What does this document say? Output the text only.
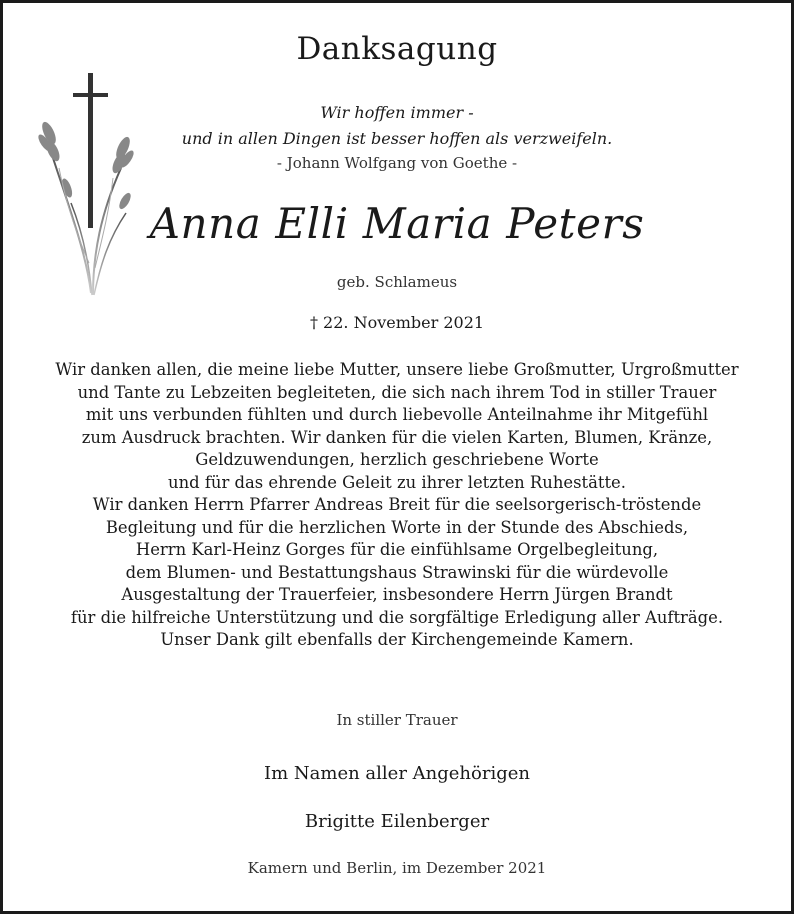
Danksagung
Wir hoffen immer -
und in allen Dingen ist besser hoffen als verzweifeln.
- Johann Wolfgang von Goethe -
Anna Elli Maria Peters
geb. Schlameus
† 22. November 2021
Wir danken allen, die meine liebe Mutter, unsere liebe Großmutter, Urgroßmutter
und Tante zu Lebzeiten begleiteten, die sich nach ihrem Tod in stiller Trauer
mit uns verbunden fühlten und durch liebevolle Anteilnahme ihr Mitgefühl
zum Ausdruck brachten. Wir danken für die vielen Karten, Blumen, Kränze,
Geldzuwendungen, herzlich geschriebene Worte
und für das ehrende Geleit zu ihrer letzten Ruhestätte.
Wir danken Herrn Pfarrer Andreas Breit für die seelsorgerisch-tröstende
Begleitung und für die herzlichen Worte in der Stunde des Abschieds,
Herrn Karl-Heinz Gorges für die einfühlsame Orgelbegleitung,
dem Blumen- und Bestattungshaus Strawinski für die würdevolle
Ausgestaltung der Trauerfeier, insbesondere Herrn Jürgen Brandt
für die hilfreiche Unterstützung und die sorgfältige Erledigung aller Aufträge.
Unser Dank gilt ebenfalls der Kirchengemeinde Kamern.
In stiller Trauer
Im Namen aller Angehörigen
Brigitte Eilenberger
Kamern und Berlin, im Dezember 2021
